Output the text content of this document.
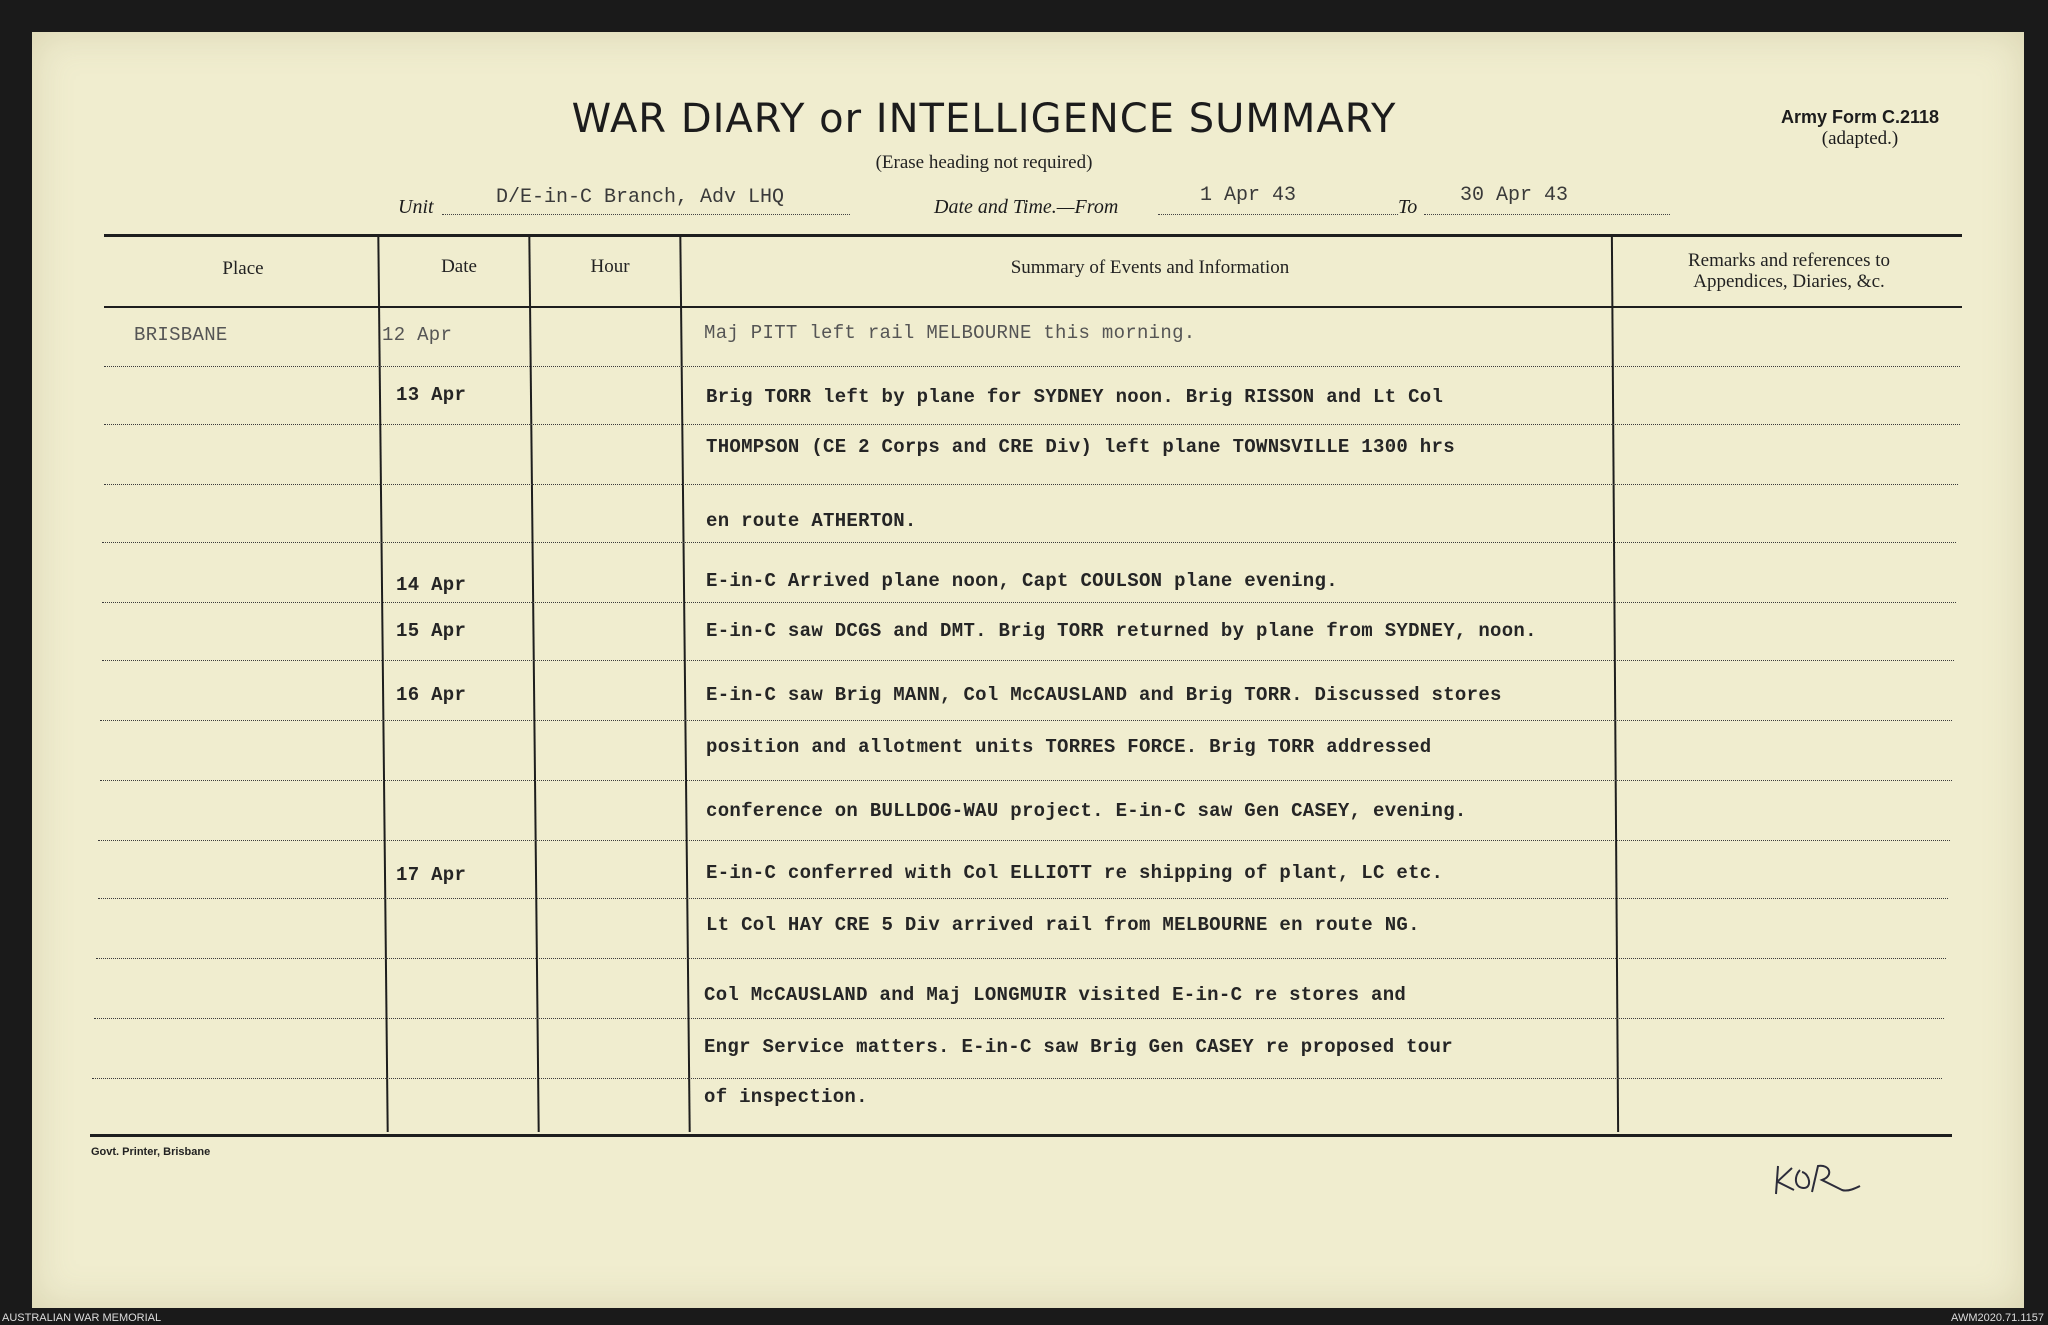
WAR DIARY or INTELLIGENCE SUMMARY
(Erase heading not required)
Army Form C.2118
(adapted.)
Unit	D/E-in-C Branch, Adv LHQ	Date and Time.—From	1 Apr 43	To 30 Apr 43
Place	Date	Hour	Summary of Events and Information	Remarks and references to
Appendices, Diaries, &c.
BRISBANE	12 Apr	Maj PITT left rail MELBOURNE this morning.
13 Apr	Brig TORR left by plane for SYDNEY noon. Brig RISSON and Lt Col
THOMPSON (CE 2 Corps and CRE Div) left plane TOWNSVILLE 1300 hrs
en route ATHERTON.
14 Apr	E-in-C Arrived plane noon, Capt COULSON plane evening.
15 Apr	E-in-C saw DCGS and DMT. Brig TORR returned by plane from SYDNEY, noon.
16 Apr	E-in-C saw Brig MANN, Col McCAUSLAND and Brig TORR. Discussed stores
position and allotment units TORRES FORCE. Brig TORR addressed
conference on BULLDOG-WAU project. E-in-C saw Gen CASEY, evening.
17 Apr	E-in-C conferred with Col ELLIOTT re shipping of plant, LC etc.
Lt Col HAY CRE 5 Div arrived rail from MELBOURNE en route NG.
Col McCAUSLAND and Maj LONGMUIR visited E-in-C re stores and
Engr Service matters. E-in-C saw Brig Gen CASEY re proposed tour
of inspection.
Govt. Printer, Brisbane
AUSTRALIAN WAR MEMORIAL	AWM2020.71.1157
